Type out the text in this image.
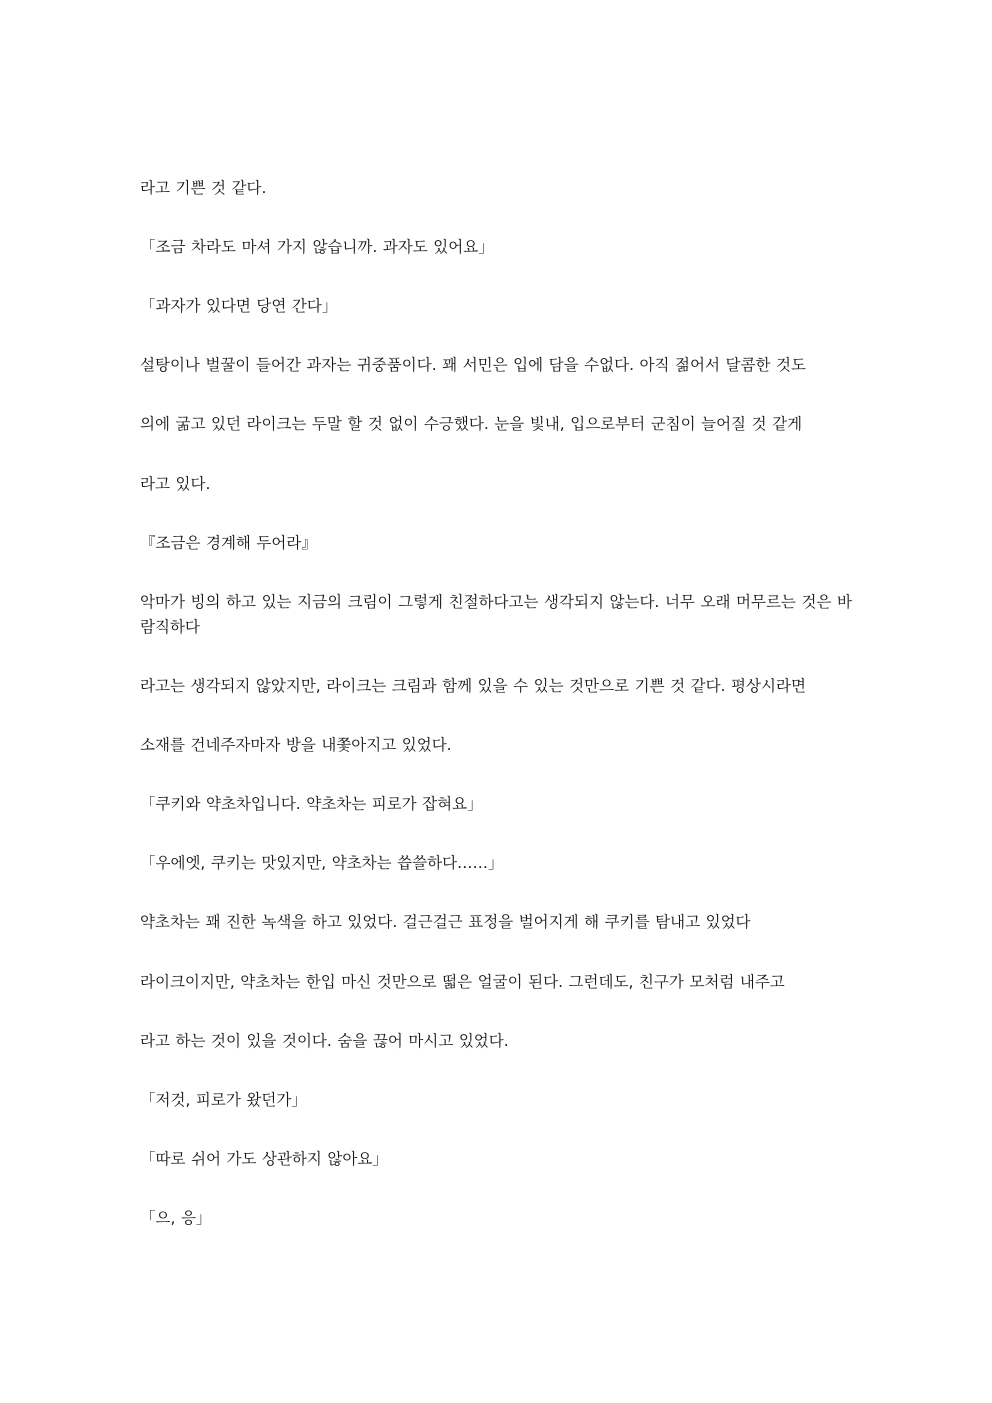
라고 기쁜 것 같다.

「조금 차라도 마셔 가지 않습니까. 과자도 있어요」

「과자가 있다면 당연 간다」

설탕이나 벌꿀이 들어간 과자는 귀중품이다. 꽤 서민은 입에 담을 수없다. 아직 젊어서 달콤한 것도

의에 굶고 있던 라이크는 두말 할 것 없이 수긍했다. 눈을 빛내, 입으로부터 군침이 늘어질 것 같게

라고 있다.

『조금은 경계해 두어라』

악마가 빙의 하고 있는 지금의 크림이 그렇게 친절하다고는 생각되지 않는다. 너무 오래 머무르는 것은 바람직하다

라고는 생각되지 않았지만, 라이크는 크림과 함께 있을 수 있는 것만으로 기쁜 것 같다. 평상시라면

소재를 건네주자마자 방을 내쫓아지고 있었다.

「쿠키와 약초차입니다. 약초차는 피로가 잡혀요」

「우에엣, 쿠키는 맛있지만, 약초차는 씁쓸하다……」

약초차는 꽤 진한 녹색을 하고 있었다. 걸근걸근 표정을 벌어지게 해 쿠키를 탐내고 있었다

라이크이지만, 약초차는 한입 마신 것만으로 떫은 얼굴이 된다. 그런데도, 친구가 모처럼 내주고

라고 하는 것이 있을 것이다. 숨을 끊어 마시고 있었다.

「저것, 피로가 왔던가」

「따로 쉬어 가도 상관하지 않아요」

「으, 응」
